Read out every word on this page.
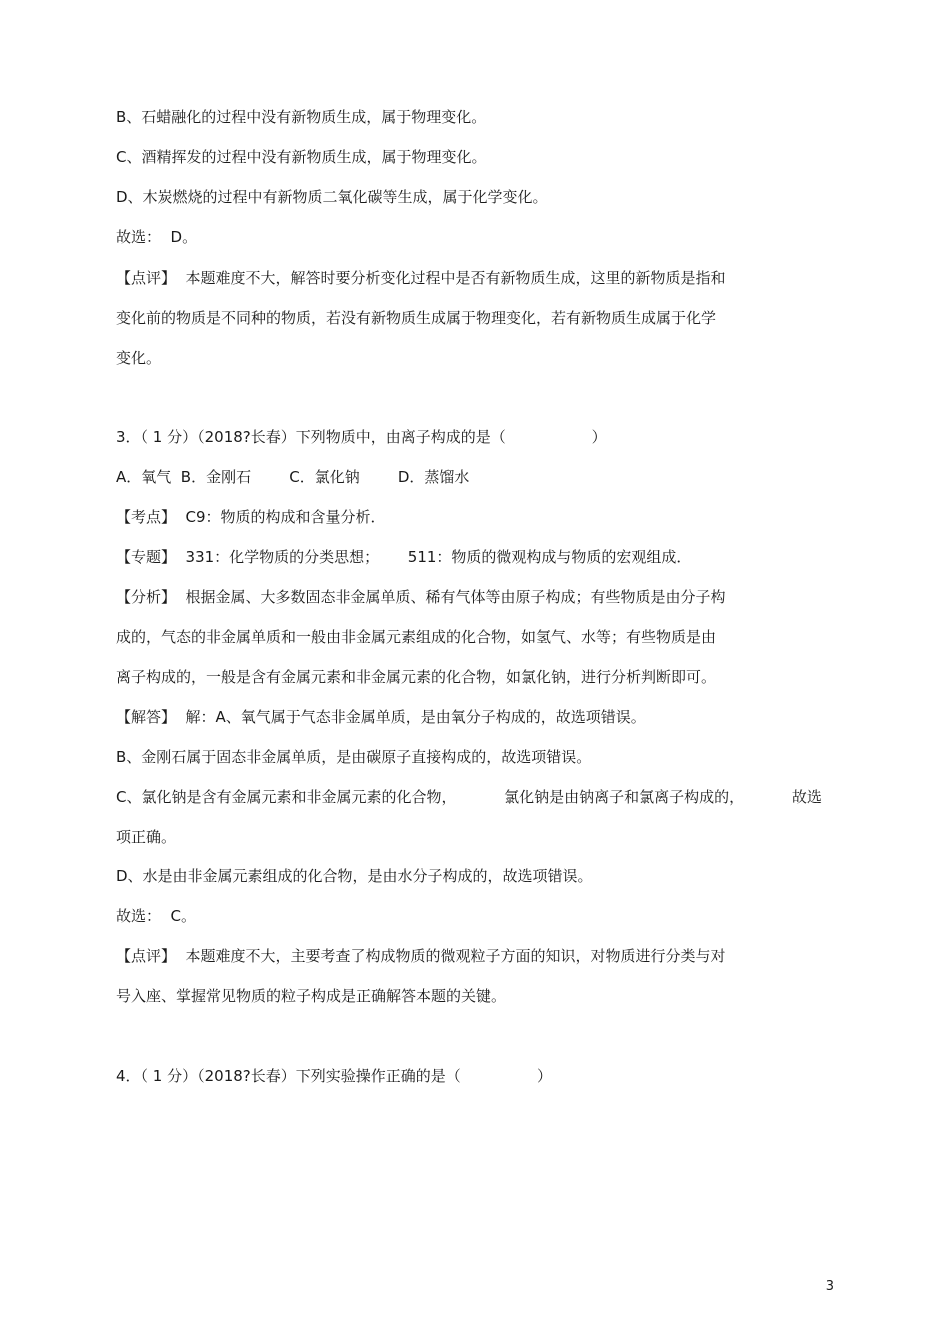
B、石蜡融化的过程中没有新物质生成，属于物理变化。
C、酒精挥发的过程中没有新物质生成，属于物理变化。
D、木炭燃烧的过程中有新物质二氧化碳等生成，属于化学变化。
故选：  D。
【点评】  本题难度不大，解答时要分析变化过程中是否有新物质生成，这里的新物质是指和
变化前的物质是不同种的物质，若没有新物质生成属于物理变化，若有新物质生成属于化学
变化。
3．（ 1 分）（2018?长春）下列物质中，由离子构成的是（                  ）
A．氧气  B．金刚石        C．氯化钠        D．蒸馏水
【考点】  C9：物质的构成和含量分析．
【专题】  331：化学物质的分类思想；      511：物质的微观构成与物质的宏观组成．
【分析】  根据金属、大多数固态非金属单质、稀有气体等由原子构成；有些物质是由分子构
成的，气态的非金属单质和一般由非金属元素组成的化合物，如氢气、水等；有些物质是由
离子构成的，一般是含有金属元素和非金属元素的化合物，如氯化钠，进行分析判断即可。
【解答】  解：A、氧气属于气态非金属单质，是由氧分子构成的，故选项错误。
B、金刚石属于固态非金属单质，是由碳原子直接构成的，故选项错误。
C、氯化钠是含有金属元素和非金属元素的化合物，          氯化钠是由钠离子和氯离子构成的，          故选
项正确。
D、水是由非金属元素组成的化合物，是由水分子构成的，故选项错误。
故选：  C。
【点评】  本题难度不大，主要考查了构成物质的微观粒子方面的知识，对物质进行分类与对
号入座、掌握常见物质的粒子构成是正确解答本题的关键。
4．（ 1 分）（2018?长春）下列实验操作正确的是（                ）
3
